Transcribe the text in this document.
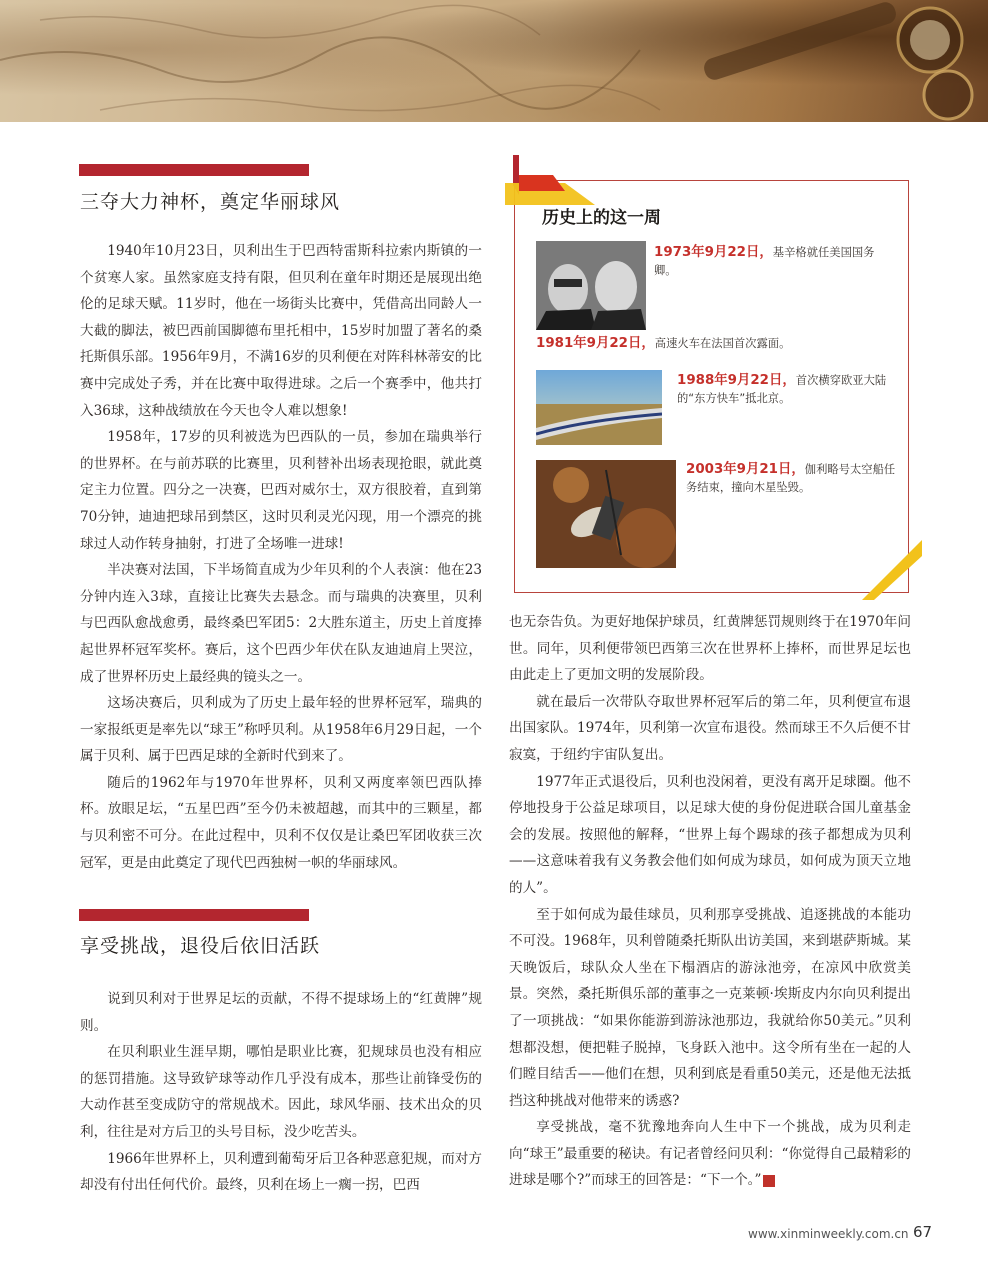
三夺大力神杯，奠定华丽球风

1940年10月23日，贝利出生于巴西特雷斯科拉索内斯镇的一个贫寒人家。虽然家庭支持有限，但贝利在童年时期还是展现出绝伦的足球天赋。11岁时，他在一场街头比赛中，凭借高出同龄人一大截的脚法，被巴西前国脚德布里托相中，15岁时加盟了著名的桑托斯俱乐部。1956年9月，不满16岁的贝利便在对阵科林蒂安的比赛中完成处子秀，并在比赛中取得进球。之后一个赛季中，他共打入36球，这种战绩放在今天也令人难以想象!

1958年，17岁的贝利被选为巴西队的一员，参加在瑞典举行的世界杯。在与前苏联的比赛里，贝利替补出场表现抢眼，就此奠定主力位置。四分之一决赛，巴西对威尔士，双方很胶着，直到第70分钟，迪迪把球吊到禁区，这时贝利灵光闪现，用一个漂亮的挑球过人动作转身抽射，打进了全场唯一进球!

半决赛对法国，下半场简直成为少年贝利的个人表演：他在23分钟内连入3球，直接让比赛失去悬念。而与瑞典的决赛里，贝利与巴西队愈战愈勇，最终桑巴军团5：2大胜东道主，历史上首度捧起世界杯冠军奖杯。赛后，这个巴西少年伏在队友迪迪肩上哭泣，成了世界杯历史上最经典的镜头之一。

这场决赛后，贝利成为了历史上最年轻的世界杯冠军，瑞典的一家报纸更是率先以“球王”称呼贝利。从1958年6月29日起，一个属于贝利、属于巴西足球的全新时代到来了。

随后的1962年与1970年世界杯，贝利又两度率领巴西队捧杯。放眼足坛，“五星巴西”至今仍未被超越，而其中的三颗星，都与贝利密不可分。在此过程中，贝利不仅仅是让桑巴军团收获三次冠军，更是由此奠定了现代巴西独树一帜的华丽球风。

享受挑战，退役后依旧活跃

说到贝利对于世界足坛的贡献，不得不提球场上的“红黄牌”规则。

在贝利职业生涯早期，哪怕是职业比赛，犯规球员也没有相应的惩罚措施。这导致铲球等动作几乎没有成本，那些让前锋受伤的大动作甚至变成防守的常规战术。因此，球风华丽、技术出众的贝利，往往是对方后卫的头号目标，没少吃苦头。

1966年世界杯上，贝利遭到葡萄牙后卫各种恶意犯规，而对方却没有付出任何代价。最终，贝利在场上一瘸一拐，巴西

历史上的这一周
1973年9月22日，基辛格就任美国国务卿。
1981年9月22日，高速火车在法国首次露面。
1988年9月22日，首次横穿欧亚大陆的“东方快车”抵北京。
2003年9月21日，伽利略号太空船任务结束，撞向木星坠毁。

也无奈告负。为更好地保护球员，红黄牌惩罚规则终于在1970年问世。同年，贝利便带领巴西第三次在世界杯上捧杯，而世界足坛也由此走上了更加文明的发展阶段。

就在最后一次带队夺取世界杯冠军后的第二年，贝利便宣布退出国家队。1974年，贝利第一次宣布退役。然而球王不久后便不甘寂寞，于纽约宇宙队复出。

1977年正式退役后，贝利也没闲着，更没有离开足球圈。他不停地投身于公益足球项目，以足球大使的身份促进联合国儿童基金会的发展。按照他的解释，“世界上每个踢球的孩子都想成为贝利——这意味着我有义务教会他们如何成为球员，如何成为顶天立地的人”。

至于如何成为最佳球员，贝利那享受挑战、追逐挑战的本能功不可没。1968年，贝利曾随桑托斯队出访美国，来到堪萨斯城。某天晚饭后，球队众人坐在下榻酒店的游泳池旁，在凉风中欣赏美景。突然，桑托斯俱乐部的董事之一克莱顿·埃斯皮内尔向贝利提出了一项挑战：“如果你能游到游泳池那边，我就给你50美元。”贝利想都没想，便把鞋子脱掉，飞身跃入池中。这令所有坐在一起的人们瞠目结舌——他们在想，贝利到底是看重50美元，还是他无法抵挡这种挑战对他带来的诱惑?

享受挑战，毫不犹豫地奔向人生中下一个挑战，成为贝利走向“球王”最重要的秘诀。有记者曾经问贝利：“你觉得自己最精彩的进球是哪个?”而球王的回答是：“下一个。”	民

www.xinminweekly.com.cn 67
